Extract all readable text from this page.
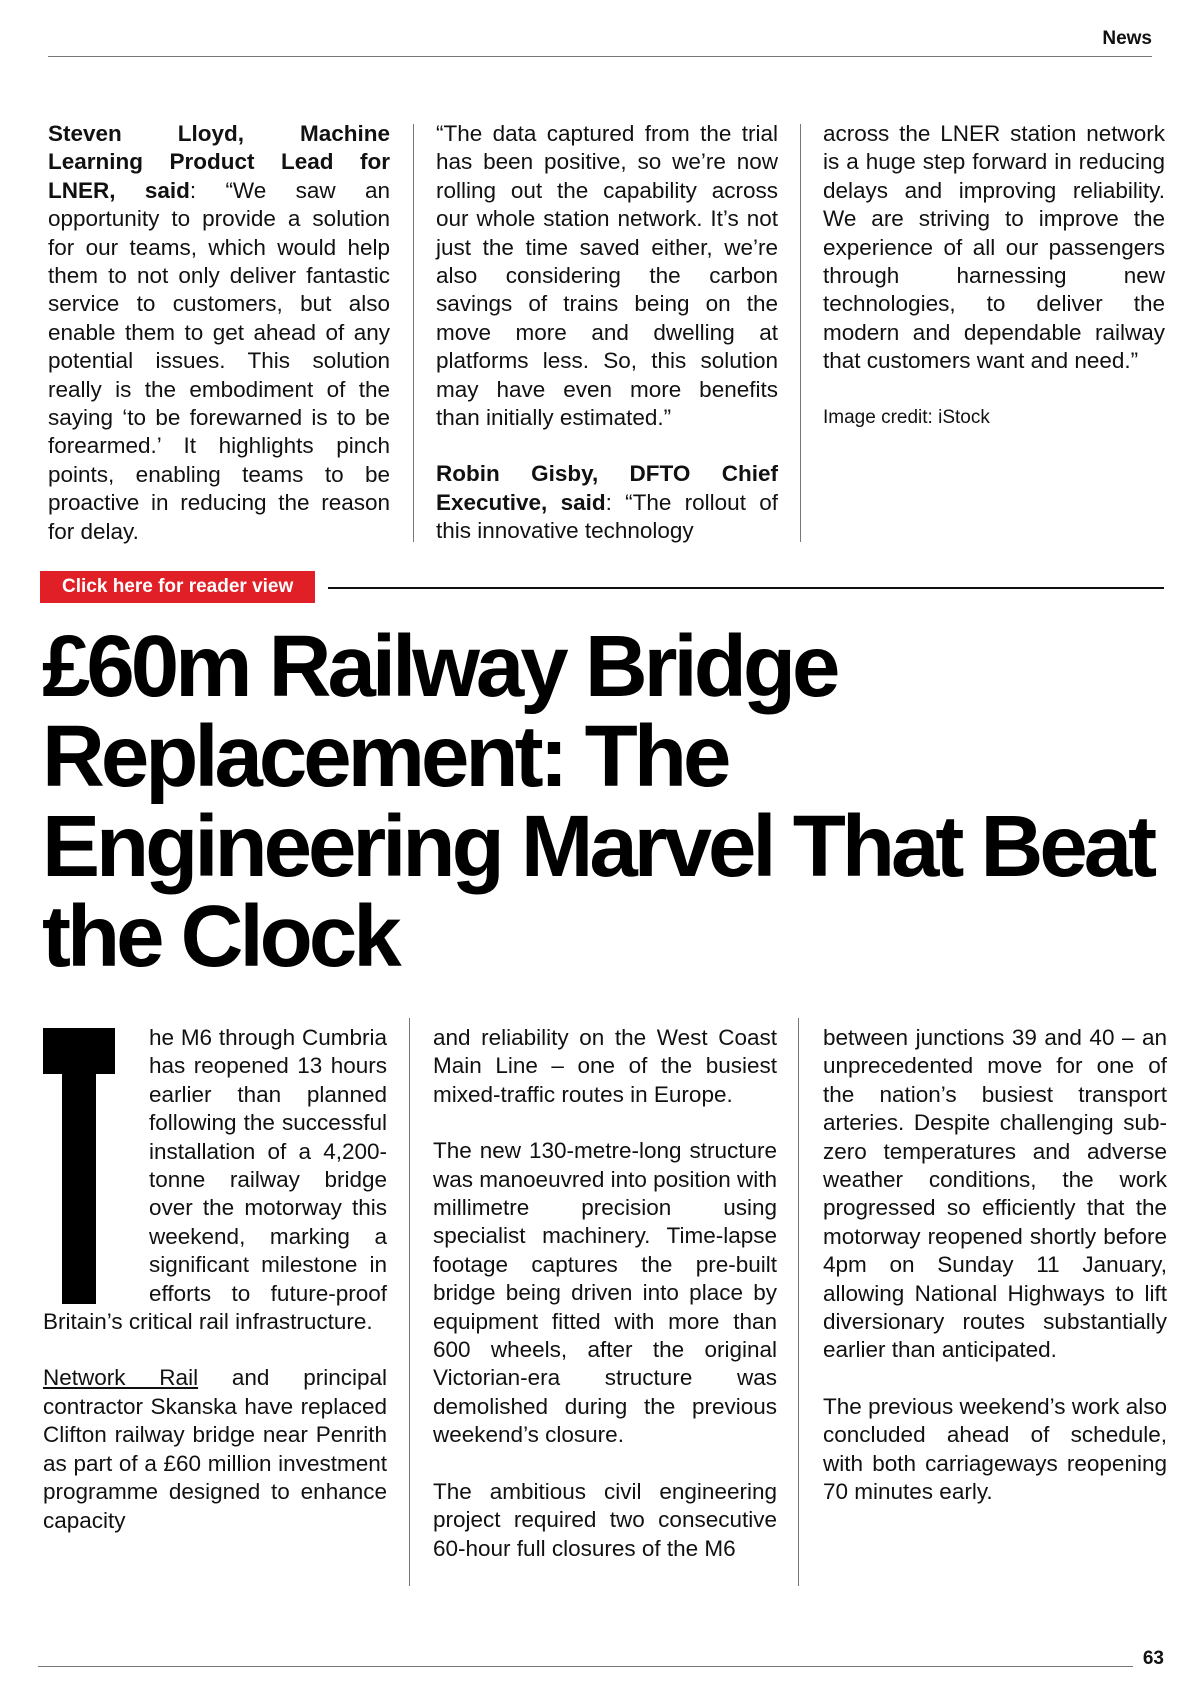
News

Steven Lloyd, Machine Learning Product Lead for LNER, said: “We saw an opportunity to provide a solution for our teams, which would help them to not only deliver fantastic service to customers, but also enable them to get ahead of any potential issues. This solution really is the embodiment of the saying ‘to be forewarned is to be forearmed.’ It highlights pinch points, enabling teams to be proactive in reducing the reason for delay.

“The data captured from the trial has been positive, so we’re now rolling out the capability across our whole station network. It’s not just the time saved either, we’re also considering the carbon savings of trains being on the move more and dwelling at platforms less. So, this solution may have even more benefits than initially estimated.”

Robin Gisby, DFTO Chief Executive, said: “The rollout of this innovative technology

across the LNER station network is a huge step forward in reducing delays and improving reliability. We are striving to improve the experience of all our passengers through harnessing new technologies, to deliver the modern and dependable railway that customers want and need.”

Image credit: iStock

Click here for reader view
£60m Railway Bridge Replacement: The Engineering Marvel That Beat the Clock

he M6 through Cumbria has reopened 13 hours earlier than planned following the successful installation of a 4,200-tonne railway bridge over the motorway this weekend, marking a significant milestone in efforts to future-proof Britain’s critical rail infrastructure.

Network Rail and principal contractor Skanska have replaced Clifton railway bridge near Penrith as part of a £60 million investment programme designed to enhance capacity

and reliability on the West Coast Main Line – one of the busiest mixed-traffic routes in Europe.

The new 130-metre-long structure was manoeuvred into position with millimetre precision using specialist machinery. Time-lapse footage captures the pre-built bridge being driven into place by equipment fitted with more than 600 wheels, after the original Victorian-era structure was demolished during the previous weekend’s closure.

The ambitious civil engineering project required two consecutive 60-hour full closures of the M6

between junctions 39 and 40 – an unprecedented move for one of the nation’s busiest transport arteries. Despite challenging sub-zero temperatures and adverse weather conditions, the work progressed so efficiently that the motorway reopened shortly before 4pm on Sunday 11 January, allowing National Highways to lift diversionary routes substantially earlier than anticipated.

The previous weekend’s work also concluded ahead of schedule, with both carriageways reopening 70 minutes early.

63
